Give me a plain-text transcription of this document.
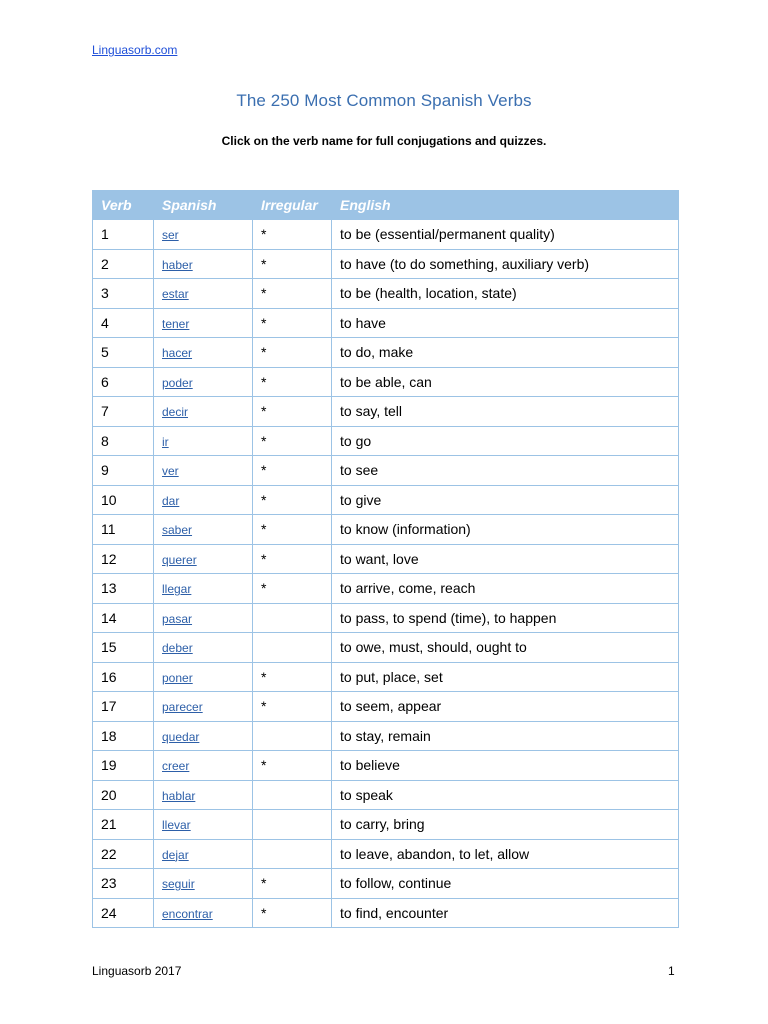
Linguasorb.com
The 250 Most Common Spanish Verbs
Click on the verb name for full conjugations and quizzes.
Verb	Spanish	Irregular	English
1	ser	*	to be (essential/permanent quality)
2	haber	*	to have (to do something, auxiliary verb)
3	estar	*	to be (health, location, state)
4	tener	*	to have
5	hacer	*	to do, make
6	poder	*	to be able, can
7	decir	*	to say, tell
8	ir	*	to go
9	ver	*	to see
10	dar	*	to give
11	saber	*	to know (information)
12	querer	*	to want, love
13	llegar	*	to arrive, come, reach
14	pasar		to pass, to spend (time), to happen
15	deber		to owe, must, should, ought to
16	poner	*	to put, place, set
17	parecer	*	to seem, appear
18	quedar		to stay, remain
19	creer	*	to believe
20	hablar		to speak
21	llevar		to carry, bring
22	dejar		to leave, abandon, to let, allow
23	seguir	*	to follow, continue
24	encontrar	*	to find, encounter
Linguasorb 2017	1
